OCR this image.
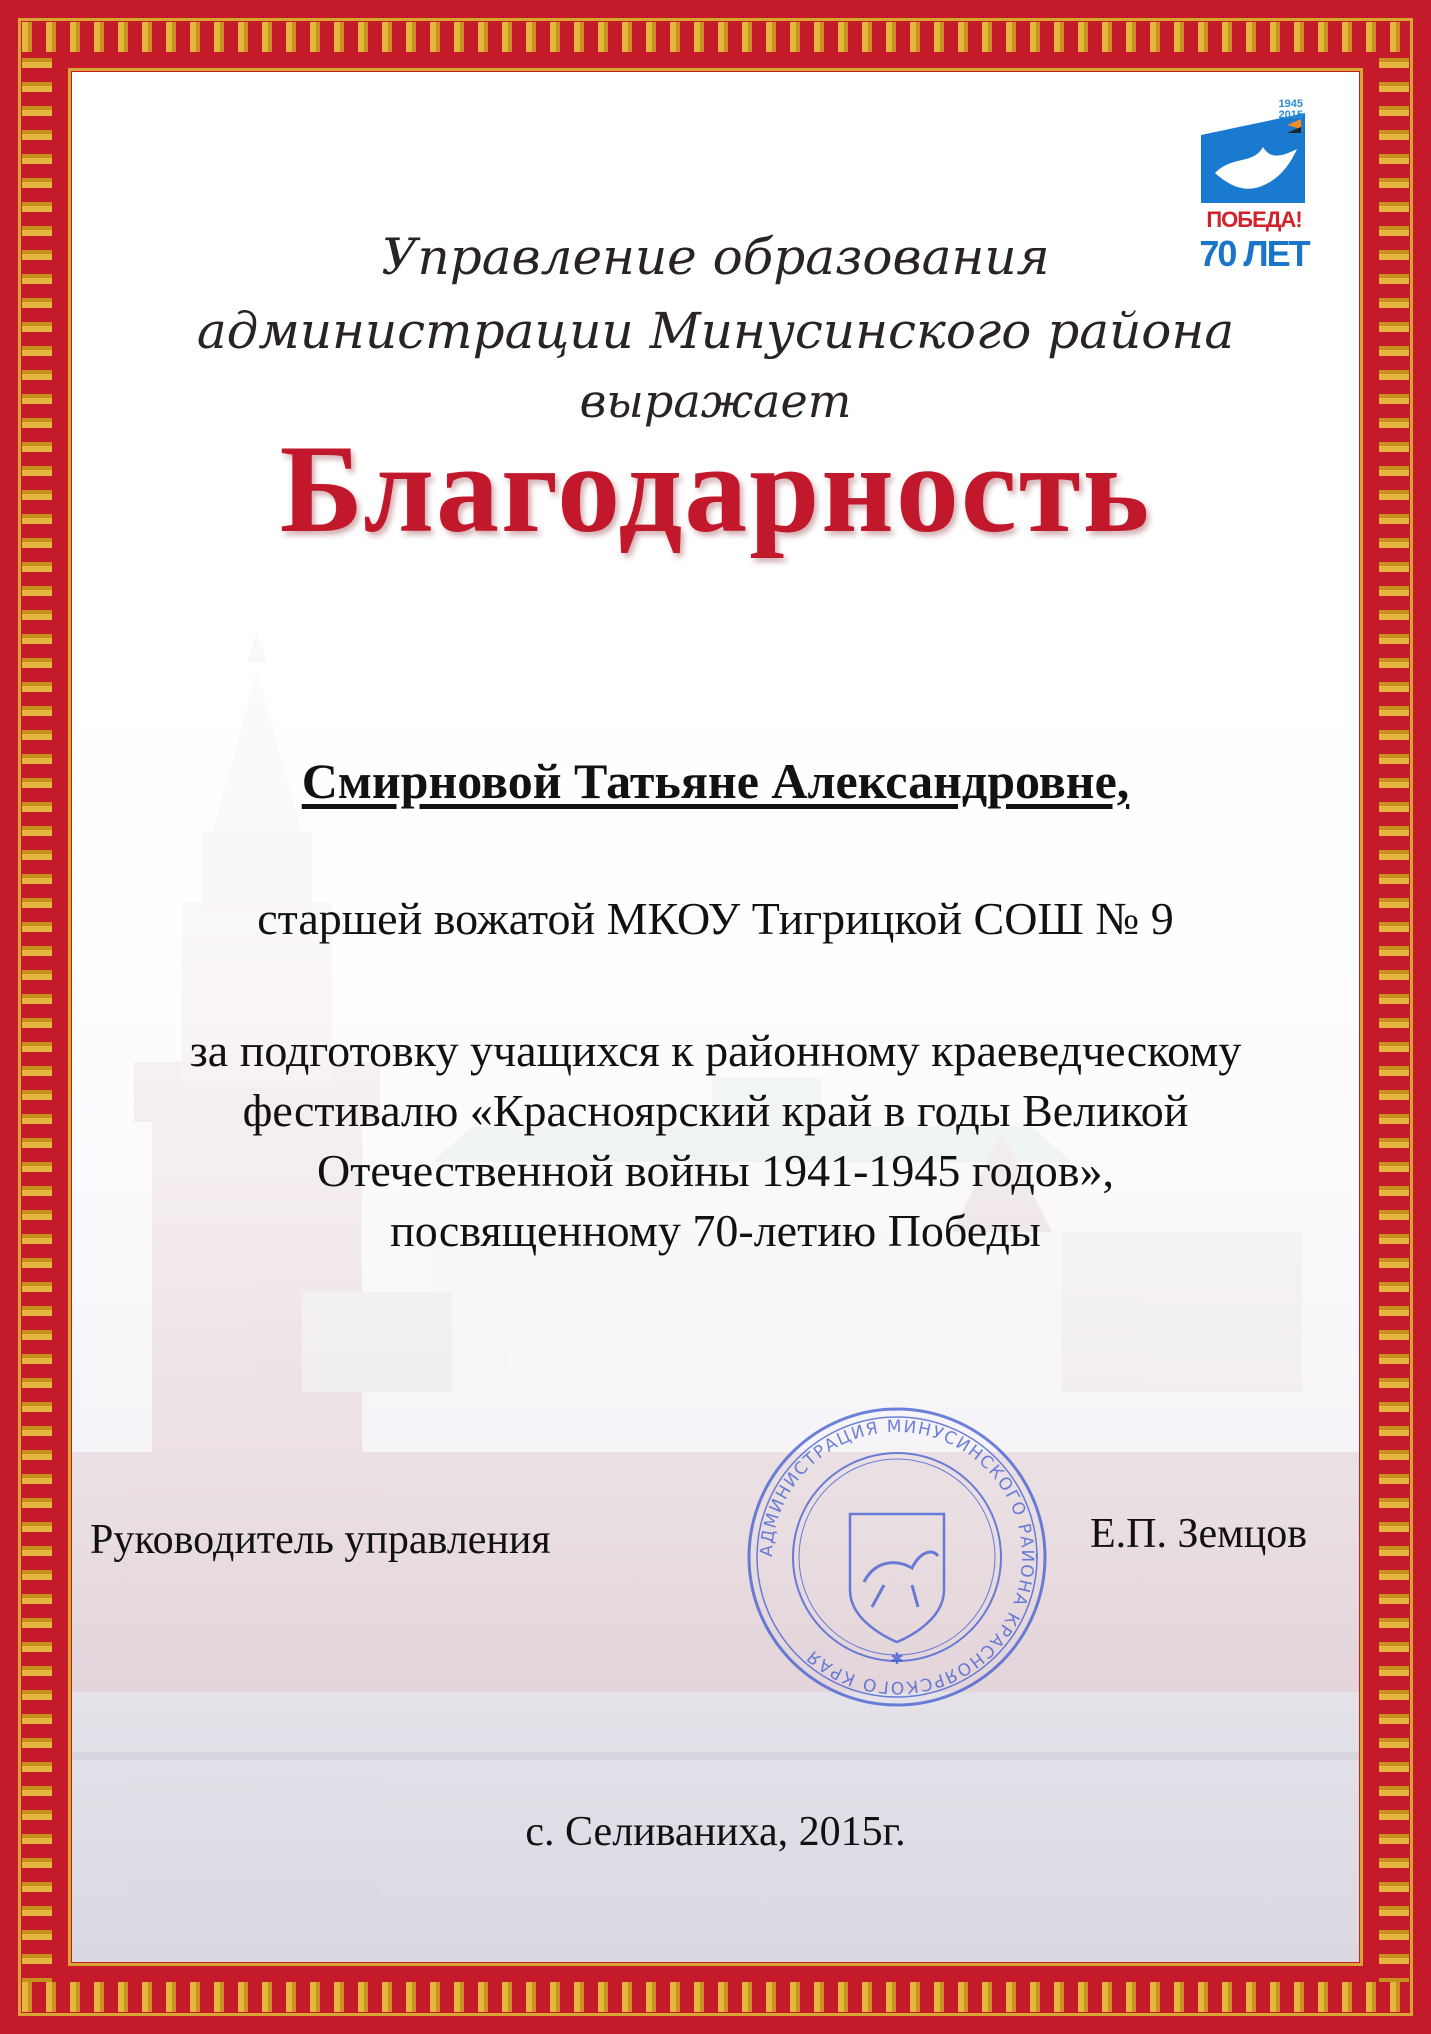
1945
2015
ПОБЕДА!
70 ЛЕТ
Управление образования
администрации Минусинского района
выражает
Благодарность
Смирновой Татьяне Александровне,
старшей вожатой МКОУ Тигрицкой СОШ № 9
за подготовку учащихся к районному краеведческому
фестивалю «Красноярский край в годы Великой
Отечественной войны 1941-1945 годов»,
посвященному 70-летию Победы
Руководитель управления	Е.П. Земцов
АДМИНИСТРАЦИЯ МИНУСИНСКОГО РАЙОНА КРАСНОЯРСКОГО КРАЯ	✱
с. Селиваниха, 2015г.
